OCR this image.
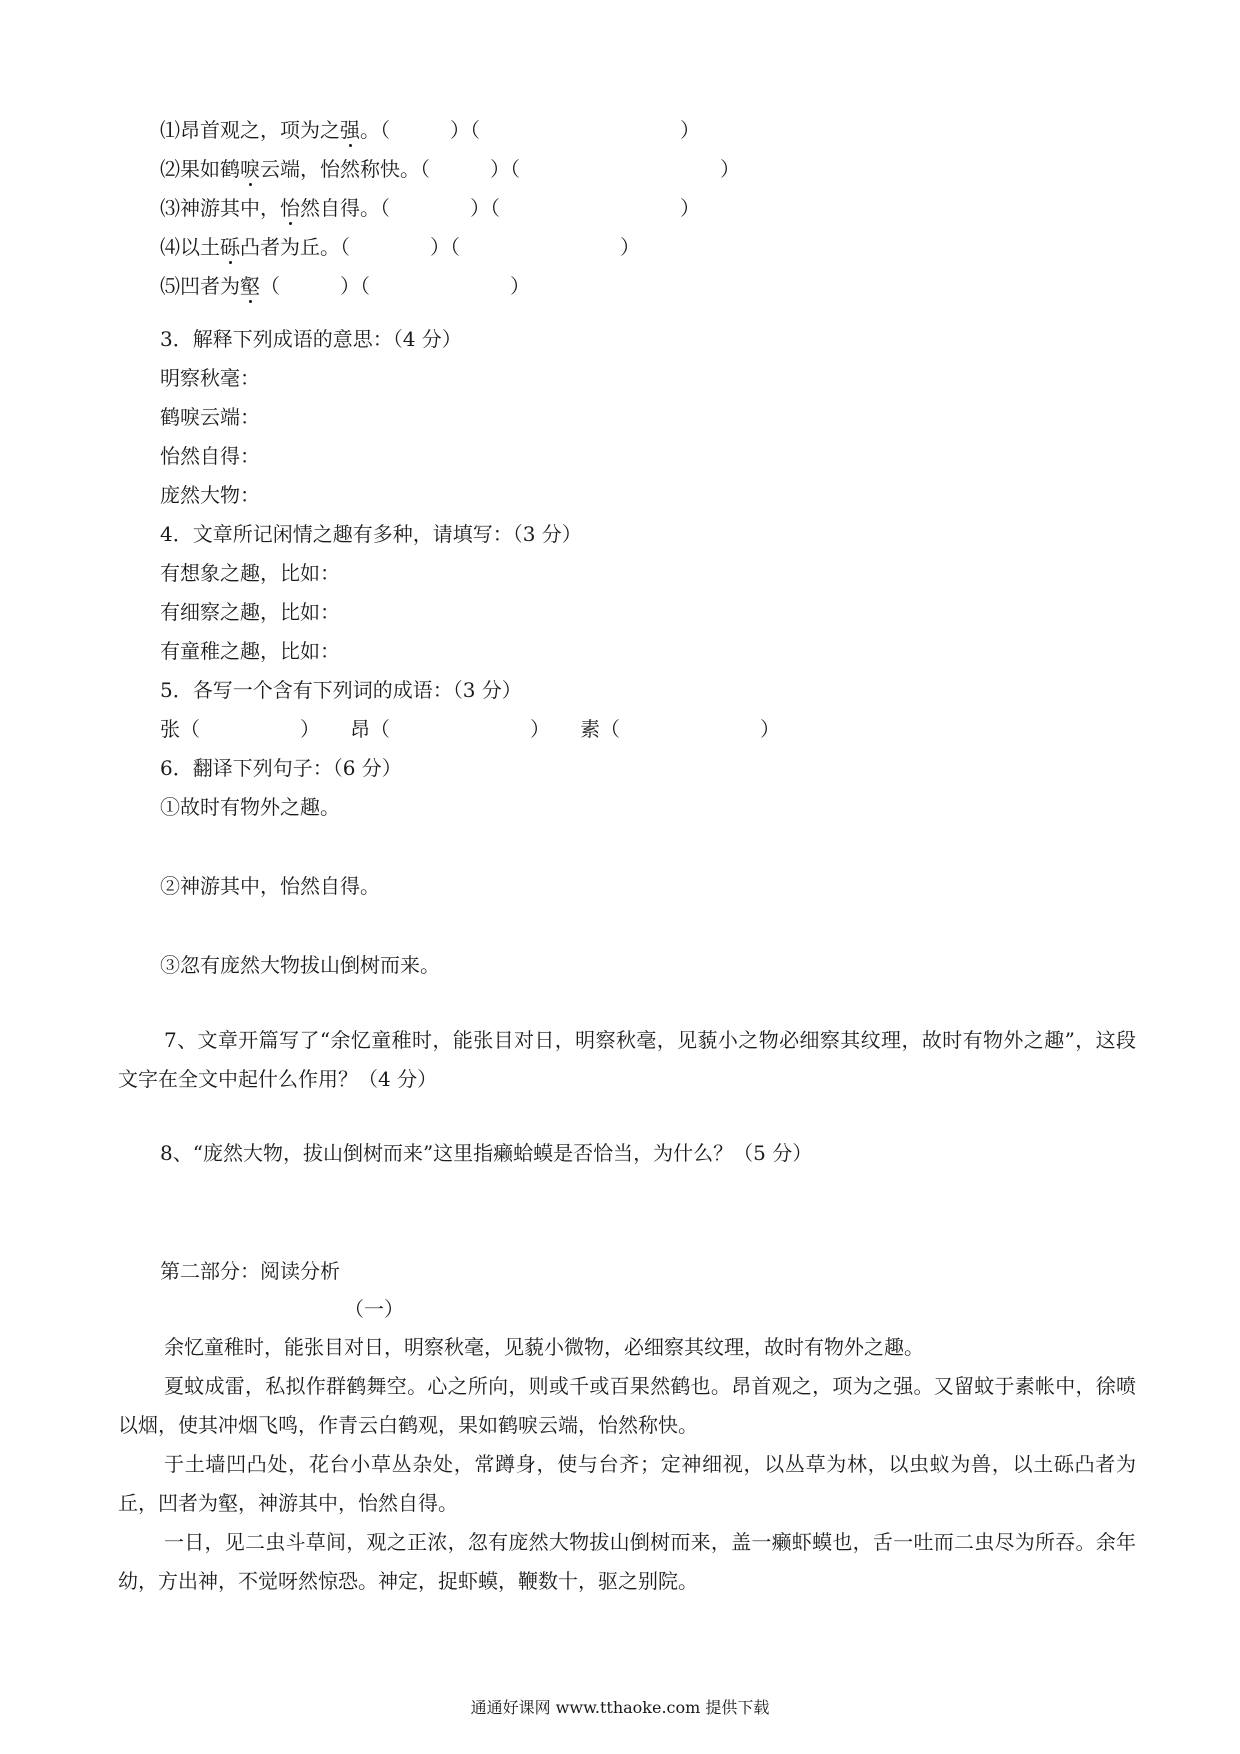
⑴昂首观之，项为之强。（　　　）（　　　　　　　　　　）
⑵果如鹤唳云端，怡然称快。（　　　）（　　　　　　　　　　）
⑶神游其中，怡然自得。（　　　　）（　　　　　　　　　）
⑷以土砾凸者为丘。（　　　　）（　　　　　　　　）
⑸凹者为壑（　　　）（　　　　　　　）
3．解释下列成语的意思：（4 分）
明察秋毫：
鹤唳云端：
怡然自得：
庞然大物：
4．文章所记闲情之趣有多种，请填写：（3 分）
有想象之趣，比如：
有细察之趣，比如：
有童稚之趣，比如：
5．各写一个含有下列词的成语：（3 分）
张（　　　　　）　　昂（　　　　　　　）　　素（　　　　　　　）
6．翻译下列句子：（6 分）
①故时有物外之趣。
②神游其中，怡然自得。
③忽有庞然大物拔山倒树而来。
7、文章开篇写了“余忆童稚时，能张目对日，明察秋毫，见藐小之物必细察其纹理，故时有物外之趣”，这段文字在全文中起什么作用？（4 分）
8、“庞然大物，拔山倒树而来”这里指癞蛤蟆是否恰当，为什么？（5 分）
第二部分：阅读分析
（一）
余忆童稚时，能张目对日，明察秋毫，见藐小微物，必细察其纹理，故时有物外之趣。
夏蚊成雷，私拟作群鹤舞空。心之所向，则或千或百果然鹤也。昂首观之，项为之强。又留蚊于素帐中，徐喷以烟，使其冲烟飞鸣，作青云白鹤观，果如鹤唳云端，怡然称快。
于土墙凹凸处，花台小草丛杂处，常蹲身，使与台齐；定神细视，以丛草为林，以虫蚁为兽，以土砾凸者为丘，凹者为壑，神游其中，怡然自得。
一日，见二虫斗草间，观之正浓，忽有庞然大物拔山倒树而来，盖一癞虾蟆也，舌一吐而二虫尽为所吞。余年幼，方出神，不觉呀然惊恐。神定，捉虾蟆，鞭数十，驱之别院。
通通好课网 www.tthaoke.com 提供下载
